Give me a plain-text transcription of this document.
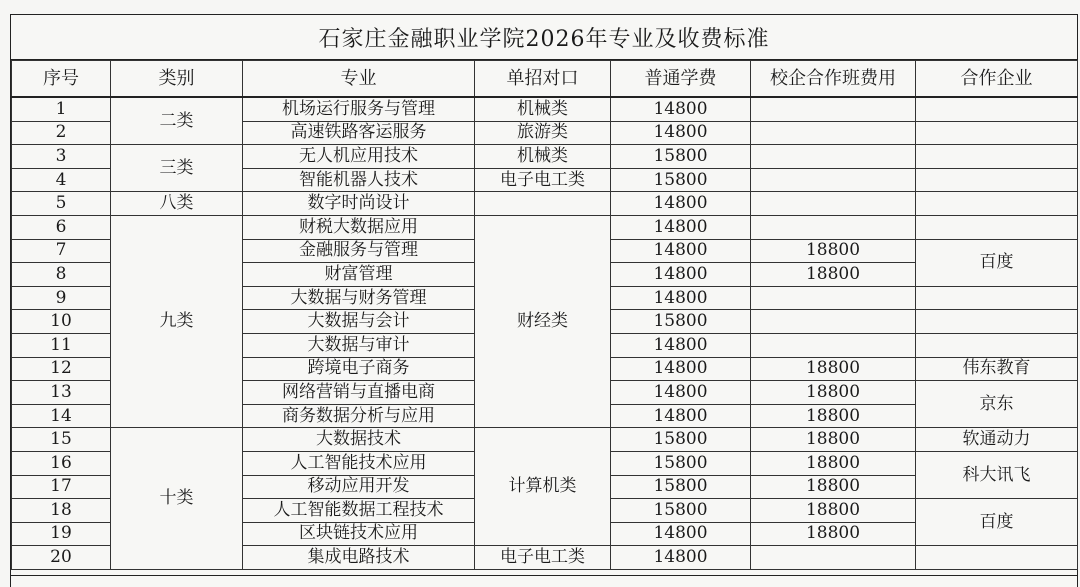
石家庄金融职业学院2026年专业及收费标准
序号	类别	专业	单招对口	普通学费	校企合作班费用	合作企业
1	二类	机场运行服务与管理	机械类	14800		
2		高速铁路客运服务	旅游类	14800		
3	三类	无人机应用技术	机械类	15800		
4		智能机器人技术	电子电工类	15800		
5	八类	数字时尚设计		14800		
6	九类	财税大数据应用	财经类	14800		
7		金融服务与管理		14800	18800	百度
8		财富管理		14800	18800	
9		大数据与财务管理		14800		
10		大数据与会计		15800		
11		大数据与审计		14800		
12		跨境电子商务		14800	18800	伟东教育
13		网络营销与直播电商		14800	18800	京东
14		商务数据分析与应用		14800	18800	
15	十类	大数据技术	计算机类	15800	18800	软通动力
16		人工智能技术应用		15800	18800	科大讯飞
17		移动应用开发		15800	18800	
18		人工智能数据工程技术		15800	18800	百度
19		区块链技术应用		14800	18800	
20		集成电路技术	电子电工类	14800		
